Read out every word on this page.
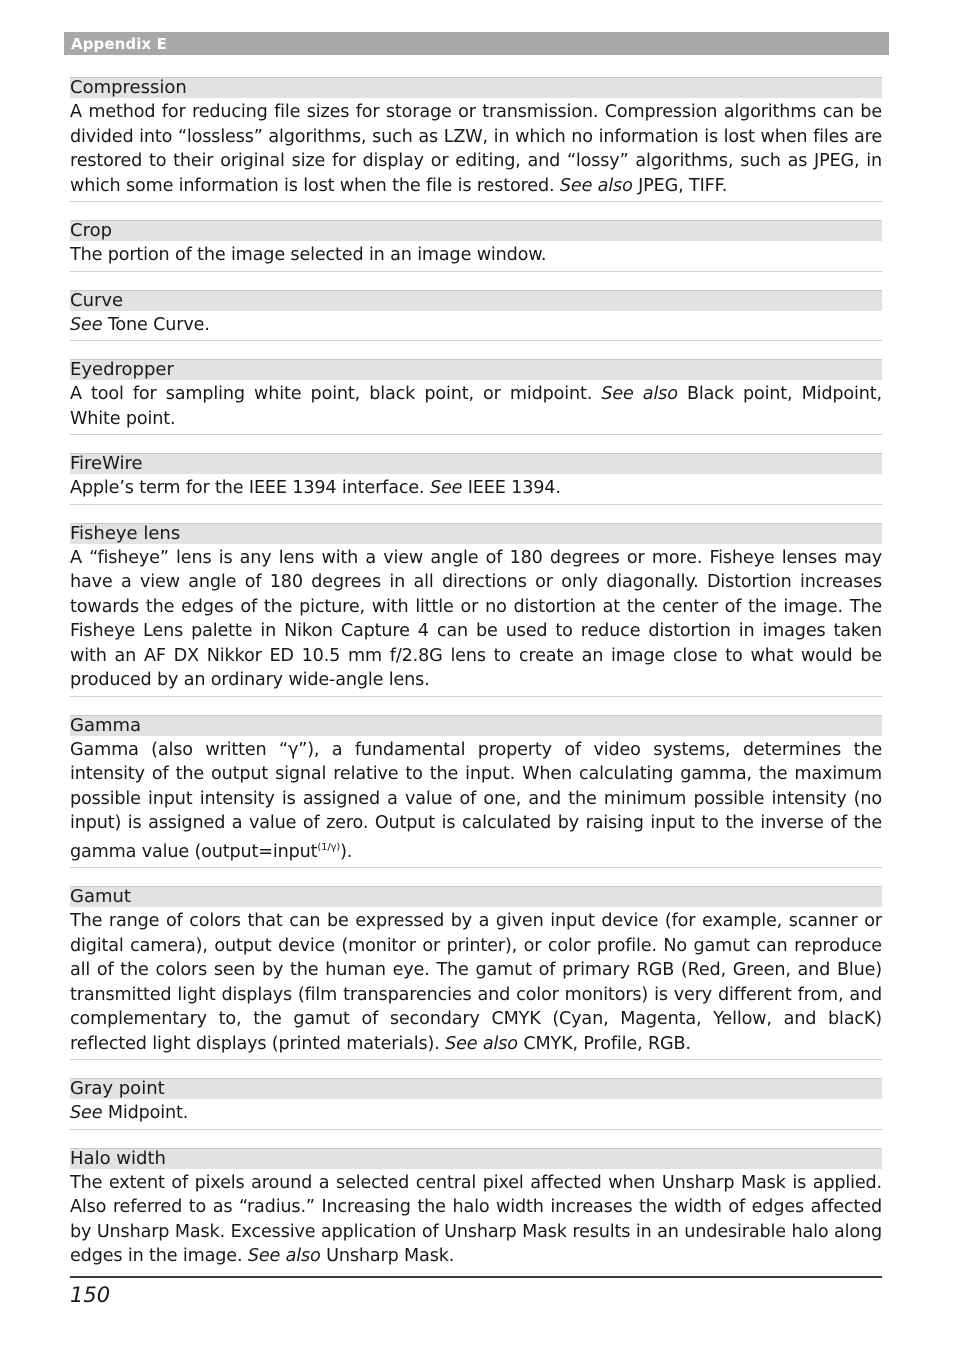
Appendix E
Compression
A method for reducing file sizes for storage or transmission. Compression algorithms can be divided into “lossless” algorithms, such as LZW, in which no information is lost when files are restored to their original size for display or editing, and “lossy” algorithms, such as JPEG, in which some information is lost when the file is restored. See also JPEG, TIFF.
Crop
The portion of the image selected in an image window.
Curve
See Tone Curve.
Eyedropper
A tool for sampling white point, black point, or midpoint. See also Black point, Midpoint, White point.
FireWire
Apple’s term for the IEEE 1394 interface. See IEEE 1394.
Fisheye lens
A “fisheye” lens is any lens with a view angle of 180 degrees or more. Fisheye lenses may have a view angle of 180 degrees in all directions or only diagonally. Distortion increases towards the edges of the picture, with little or no distortion at the center of the image. The Fisheye Lens palette in Nikon Capture 4 can be used to reduce distortion in images taken with an AF DX Nikkor ED 10.5 mm f/2.8G lens to create an image close to what would be produced by an ordinary wide-angle lens.
Gamma
Gamma (also written “γ”), a fundamental property of video systems, determines the intensity of the output signal relative to the input. When calculating gamma, the maximum possible input intensity is assigned a value of one, and the minimum possible intensity (no input) is assigned a value of zero. Output is calculated by raising input to the inverse of the gamma value (output=input$^{(1/\gamma)}$).
Gamut
The range of colors that can be expressed by a given input device (for example, scanner or digital camera), output device (monitor or printer), or color profile. No gamut can reproduce all of the colors seen by the human eye. The gamut of primary RGB (Red, Green, and Blue) transmitted light displays (film transparencies and color monitors) is very different from, and complementary to, the gamut of secondary CMYK (Cyan, Magenta, Yellow, and blacK) reflected light displays (printed materials). See also CMYK, Profile, RGB.
Gray point
See Midpoint.
Halo width
The extent of pixels around a selected central pixel affected when Unsharp Mask is applied. Also referred to as “radius.” Increasing the halo width increases the width of edges affected by Unsharp Mask. Excessive application of Unsharp Mask results in an undesirable halo along edges in the image. See also Unsharp Mask.
150
